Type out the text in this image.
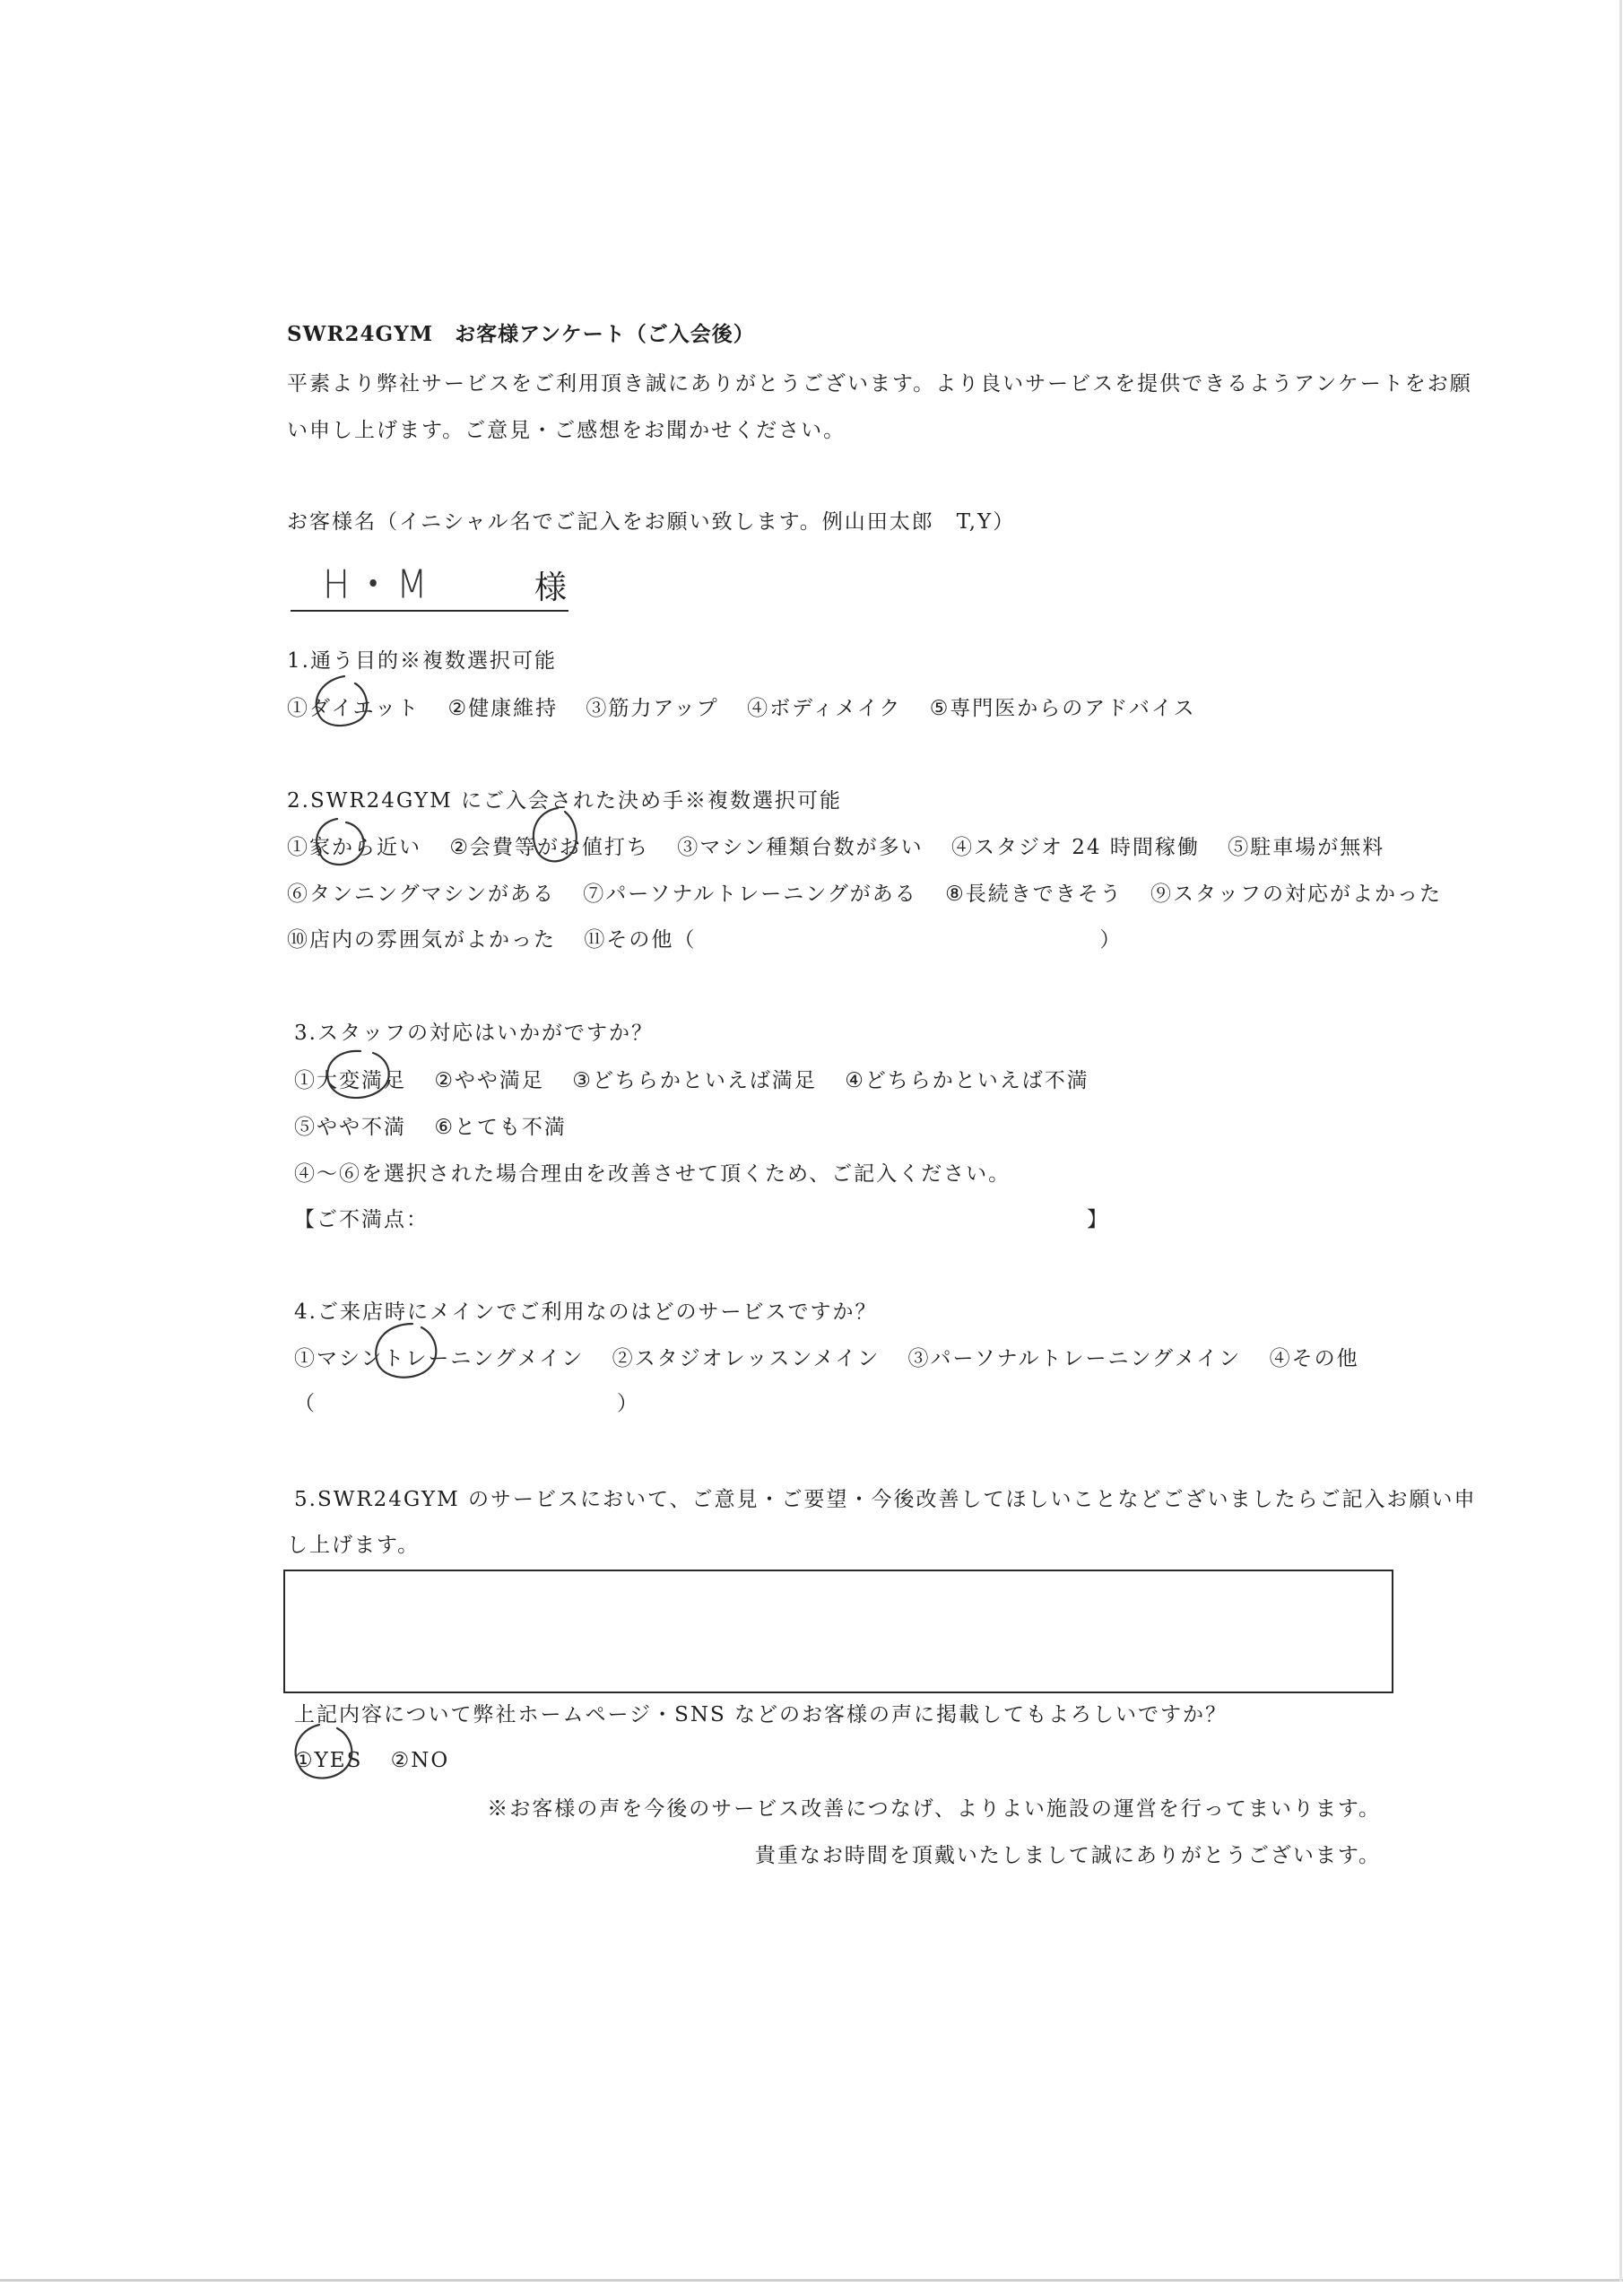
SWR24GYM　お客様アンケート（ご入会後）
平素より弊社サービスをご利用頂き誠にありがとうございます。より良いサービスを提供できるようアンケートをお願
い申し上げます。ご意見・ご感想をお聞かせください。
お客様名（イニシャル名でご記入をお願い致します。例山田太郎　T,Y）
H・M	様
1.通う目的※複数選択可能
①ダイエット ②健康維持 ③筋力アップ ④ボディメイク ⑤専門医からのアドバイス
2.SWR24GYM にご入会された決め手※複数選択可能
①家から近い ②会費等がお値打ち ③マシン種類台数が多い ④スタジオ 24 時間稼働 ⑤駐車場が無料
⑥タンニングマシンがある ⑦パーソナルトレーニングがある ⑧長続きできそう ⑨スタッフの対応がよかった
⑩店内の雰囲気がよかった ⑪その他（　　　　　　　　　　　　　　　　　　）
3.スタッフの対応はいかがですか？
①大変満足 ②やや満足 ③どちらかといえば満足 ④どちらかといえば不満
⑤やや不満 ⑥とても不満
④～⑥を選択された場合理由を改善させて頂くため、ご記入ください。
【ご不満点：	】
4.ご来店時にメインでご利用なのはどのサービスですか？
①マシントレーニングメイン ②スタジオレッスンメイン ③パーソナルトレーニングメイン ④その他
（	）
5.SWR24GYM のサービスにおいて、ご意見・ご要望・今後改善してほしいことなどございましたらご記入お願い申
し上げます。
上記内容について弊社ホームページ・SNS などのお客様の声に掲載してもよろしいですか？
①YES ②NO
※お客様の声を今後のサービス改善につなげ、よりよい施設の運営を行ってまいります。
貴重なお時間を頂戴いたしまして誠にありがとうございます。
